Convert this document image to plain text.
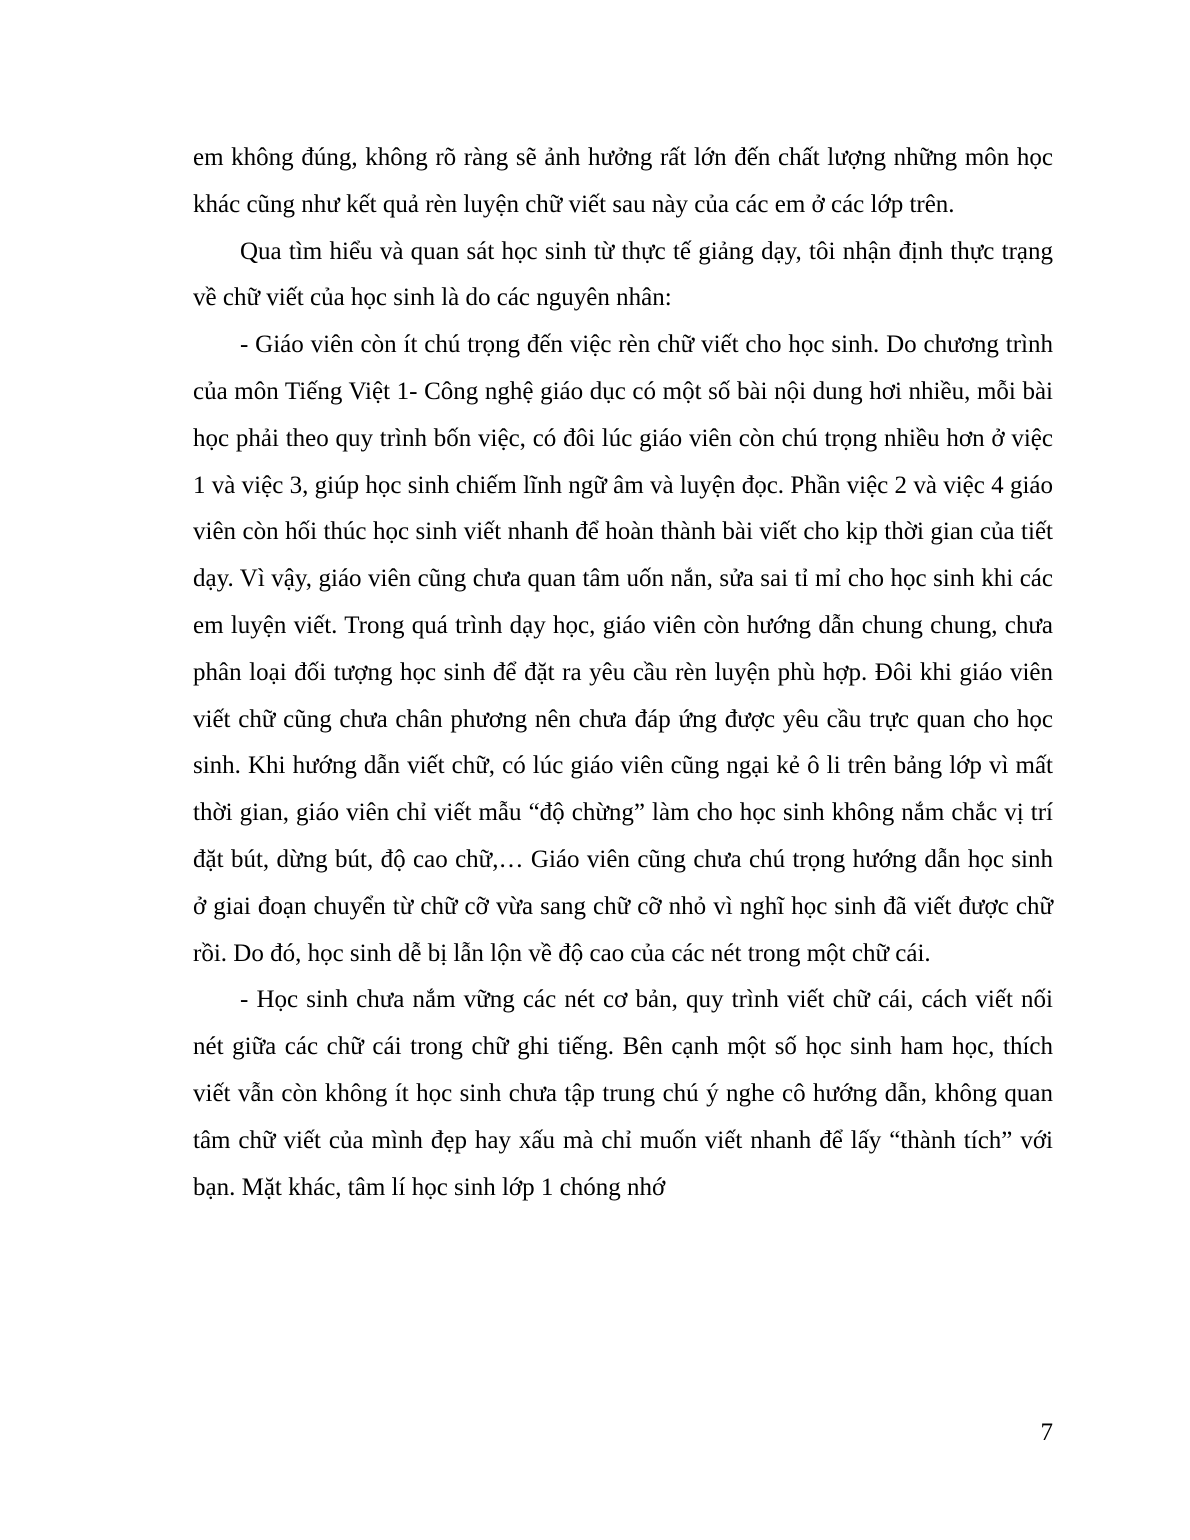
em không đúng, không rõ ràng sẽ ảnh hưởng rất lớn đến chất lượng những môn học khác cũng như kết quả rèn luyện chữ viết sau này của các em ở các lớp trên.

Qua tìm hiểu và quan sát học sinh từ thực tế giảng dạy, tôi nhận định thực trạng về chữ viết của học sinh là do các nguyên nhân:

- Giáo viên còn ít chú trọng đến việc rèn chữ viết cho học sinh. Do chương trình của môn Tiếng Việt 1- Công nghệ giáo dục có một số bài nội dung hơi nhiều, mỗi bài học phải theo quy trình bốn việc, có đôi lúc giáo viên còn chú trọng nhiều hơn ở việc 1 và việc 3, giúp học sinh chiếm lĩnh ngữ âm và luyện đọc. Phần việc 2 và việc 4 giáo viên còn hối thúc học sinh viết nhanh để hoàn thành bài viết cho kịp thời gian của tiết dạy. Vì vậy, giáo viên cũng chưa quan tâm uốn nắn, sửa sai tỉ mỉ cho học sinh khi các em luyện viết. Trong quá trình dạy học, giáo viên còn hướng dẫn chung chung, chưa phân loại đối tượng học sinh để đặt ra yêu cầu rèn luyện phù hợp. Đôi khi giáo viên viết chữ cũng chưa chân phương nên chưa đáp ứng được yêu cầu trực quan cho học sinh. Khi hướng dẫn viết chữ, có lúc giáo viên cũng ngại kẻ ô li trên bảng lớp vì mất thời gian, giáo viên chỉ viết mẫu “độ chừng” làm cho học sinh không nắm chắc vị trí đặt bút, dừng bút, độ cao chữ,… Giáo viên cũng chưa chú trọng hướng dẫn học sinh ở giai đoạn chuyển từ chữ cỡ vừa sang chữ cỡ nhỏ vì nghĩ học sinh đã viết được chữ rồi. Do đó, học sinh dễ bị lẫn lộn về độ cao của các nét trong một chữ cái.

- Học sinh chưa nắm vững các nét cơ bản, quy trình viết chữ cái, cách viết nối nét giữa các chữ cái trong chữ ghi tiếng. Bên cạnh một số học sinh ham học, thích viết vẫn còn không ít học sinh chưa tập trung chú ý nghe cô hướng dẫn, không quan tâm chữ viết của mình đẹp hay xấu mà chỉ muốn viết nhanh để lấy “thành tích” với bạn. Mặt khác, tâm lí học sinh lớp 1 chóng nhớ

7
